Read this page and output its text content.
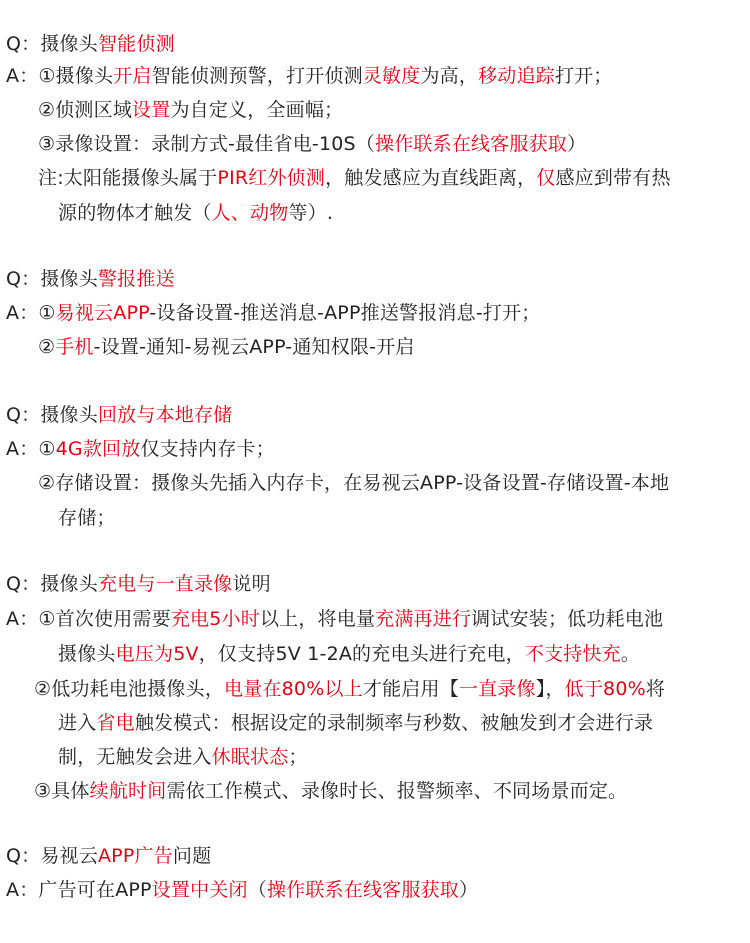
Q：摄像头智能侦测
A：①摄像头开启智能侦测预警，打开侦测灵敏度为高，移动追踪打开；
②侦测区域设置为自定义，全画幅；
③录像设置：录制方式-最佳省电-10S（操作联系在线客服获取）
注:太阳能摄像头属于PIR红外侦测，触发感应为直线距离，仅感应到带有热
源的物体才触发（人、动物等）.
Q：摄像头警报推送
A：①易视云APP-设备设置-推送消息-APP推送警报消息-打开；
②手机-设置-通知-易视云APP-通知权限-开启
Q：摄像头回放与本地存储
A：①4G款回放仅支持内存卡；
②存储设置：摄像头先插入内存卡，在易视云APP-设备设置-存储设置-本地
存储；
Q：摄像头充电与一直录像说明
A：①首次使用需要充电5小时以上，将电量充满再进行调试安装；低功耗电池
摄像头电压为5V，仅支持5V 1-2A的充电头进行充电，不支持快充。
②低功耗电池摄像头，电量在80%以上才能启用【一直录像】，低于80%将
进入省电触发模式：根据设定的录制频率与秒数、被触发到才会进行录
制，无触发会进入休眠状态；
③具体续航时间需依工作模式、录像时长、报警频率、不同场景而定。
Q：易视云APP广告问题
A：广告可在APP设置中关闭（操作联系在线客服获取）
